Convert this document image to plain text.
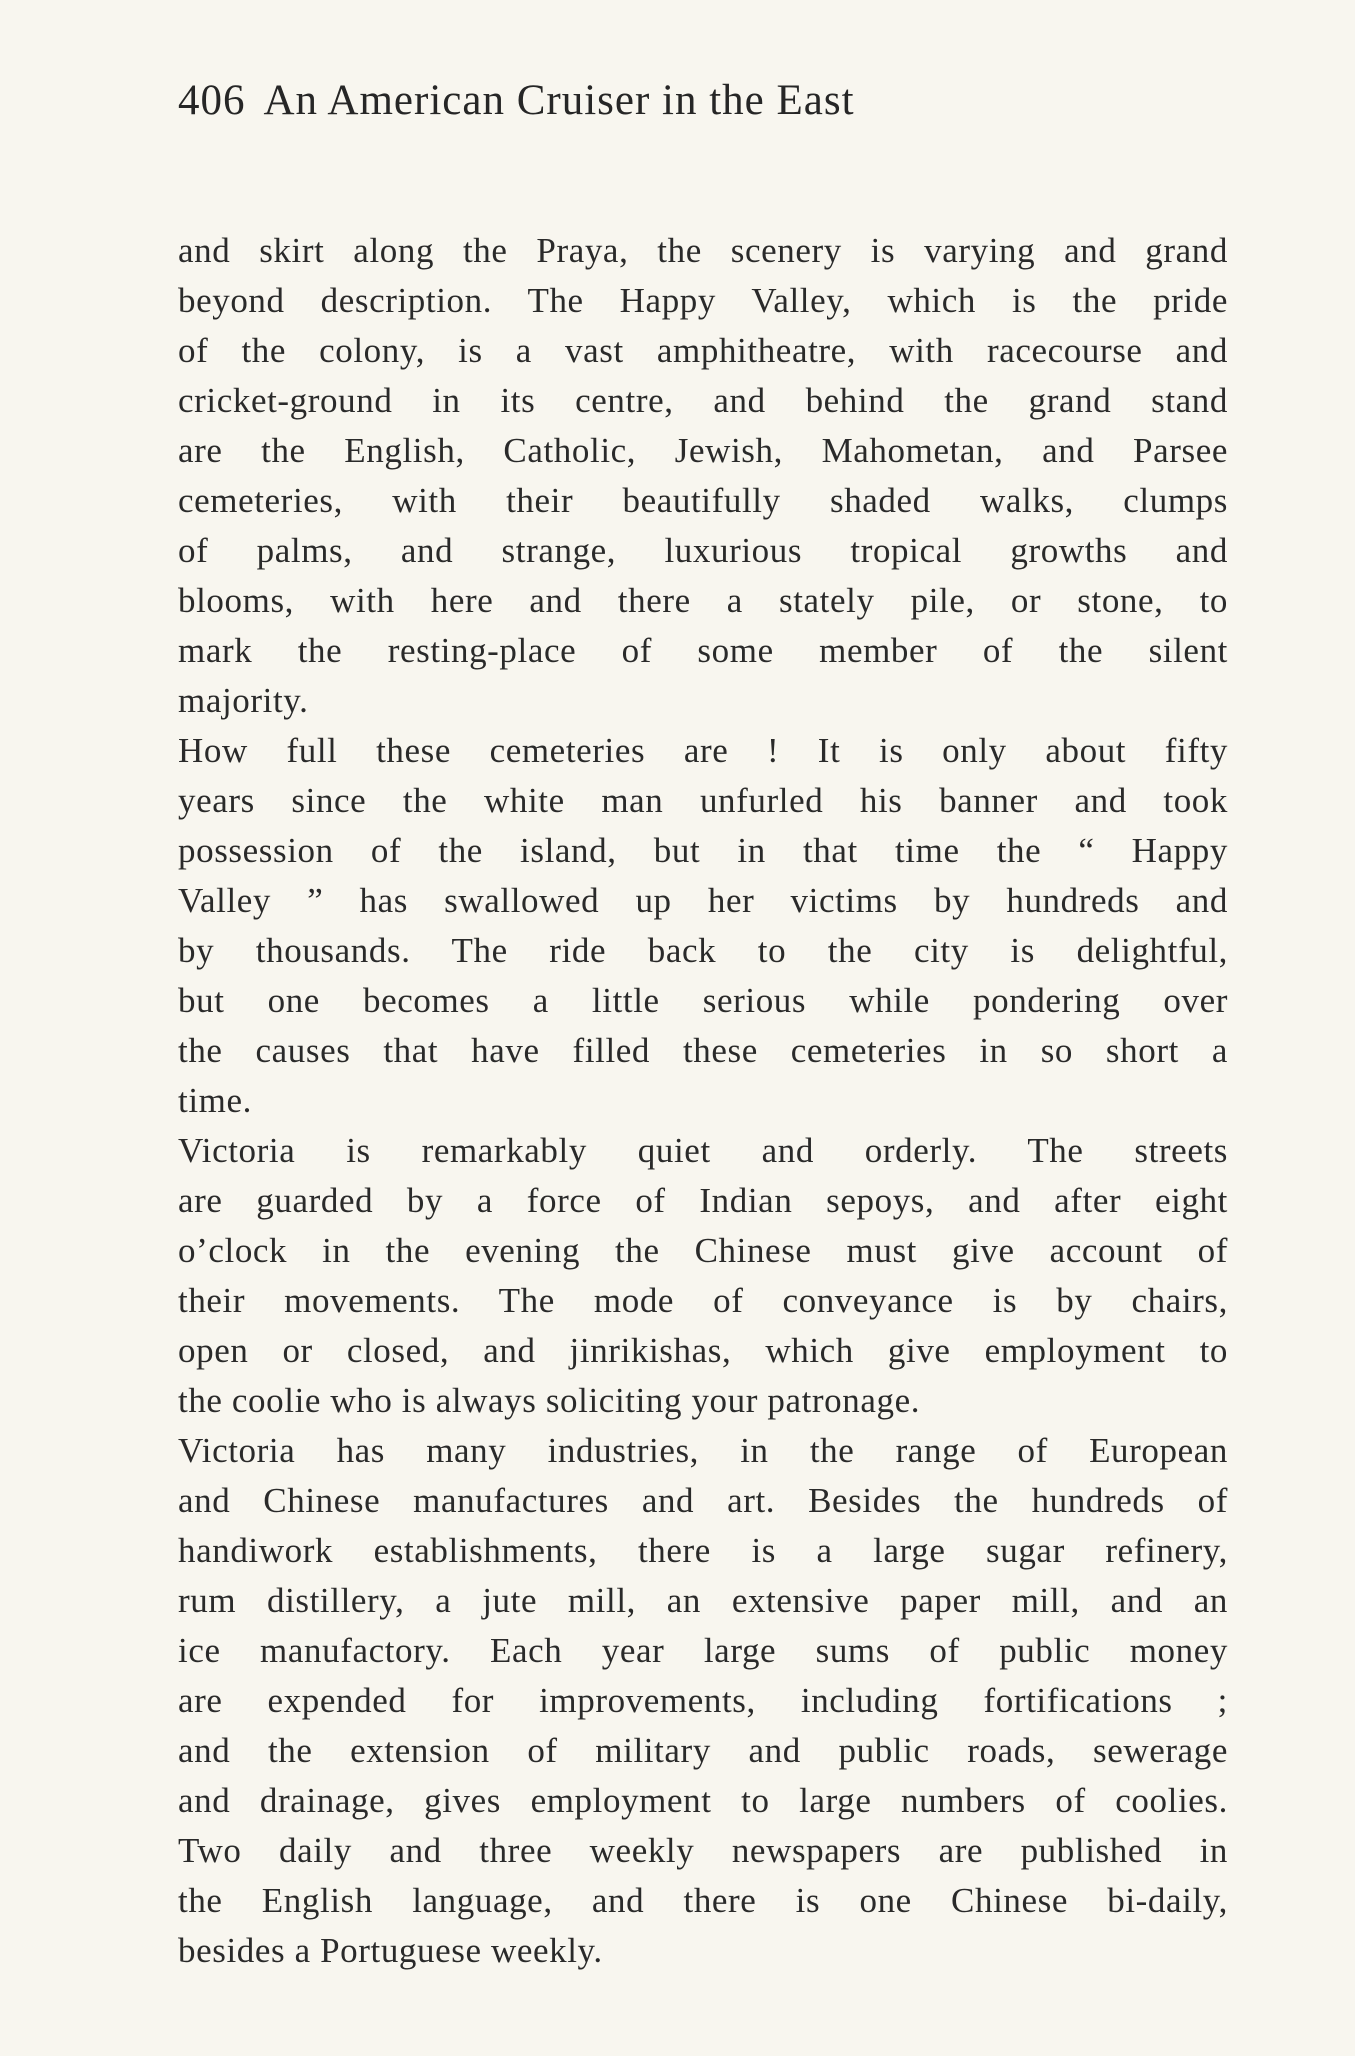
406 An American Cruiser in the East
and skirt along the Praya, the scenery is varying and grand
beyond description. The Happy Valley, which is the pride
of the colony, is a vast amphitheatre, with racecourse and
cricket-ground in its centre, and behind the grand stand
are the English, Catholic, Jewish, Mahometan, and Parsee
cemeteries, with their beautifully shaded walks, clumps
of palms, and strange, luxurious tropical growths and
blooms, with here and there a stately pile, or stone, to
mark the resting-place of some member of the silent
majority.
How full these cemeteries are ! It is only about fifty
years since the white man unfurled his banner and took
possession of the island, but in that time the “ Happy
Valley ” has swallowed up her victims by hundreds and
by thousands. The ride back to the city is delightful,
but one becomes a little serious while pondering over
the causes that have filled these cemeteries in so short a
time.
Victoria is remarkably quiet and orderly. The streets
are guarded by a force of Indian sepoys, and after eight
o’clock in the evening the Chinese must give account of
their movements. The mode of conveyance is by chairs,
open or closed, and jinrikishas, which give employment to
the coolie who is always soliciting your patronage.
Victoria has many industries, in the range of European
and Chinese manufactures and art. Besides the hundreds of
handiwork establishments, there is a large sugar refinery,
rum distillery, a jute mill, an extensive paper mill, and an
ice manufactory. Each year large sums of public money
are expended for improvements, including fortifications ;
and the extension of military and public roads, sewerage
and drainage, gives employment to large numbers of coolies.
Two daily and three weekly newspapers are published in
the English language, and there is one Chinese bi-daily,
besides a Portuguese weekly.
